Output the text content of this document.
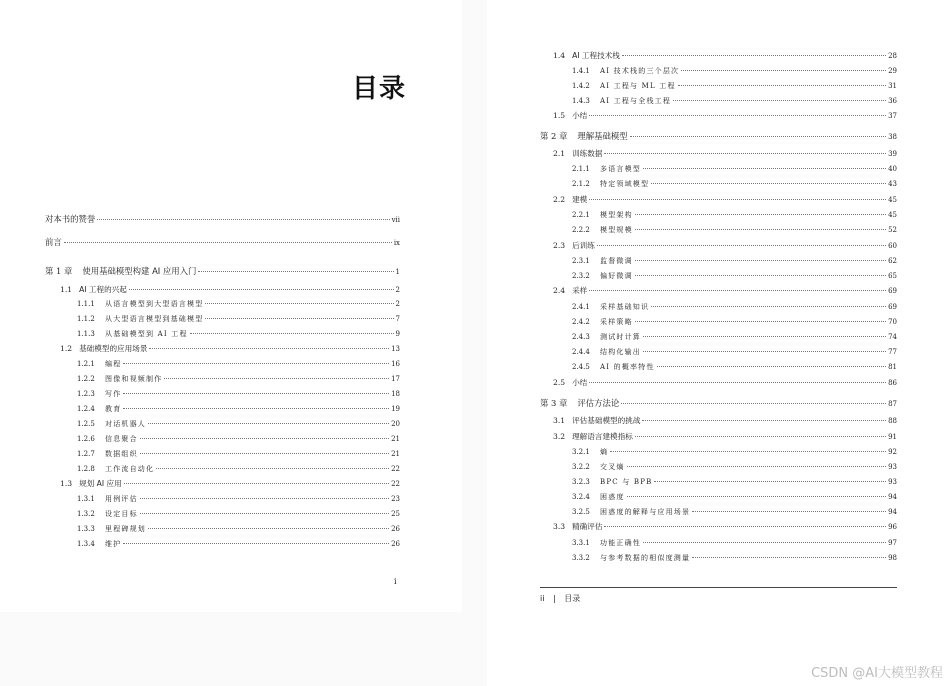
目录
对本书的赞誉	vii
前言	ix
第 1 章 使用基础模型构建 AI 应用入门	1
1.1 AI 工程的兴起	2
1.1.1	从语言模型到大型语言模型	2
1.1.2	从大型语言模型到基础模型	7
1.1.3	从基础模型到 AI 工程	9
1.2 基础模型的应用场景	13
1.2.1	编程	16
1.2.2	图像和视频制作	17
1.2.3	写作	18
1.2.4	教育	19
1.2.5	对话机器人	20
1.2.6	信息聚合	21
1.2.7	数据组织	21
1.2.8	工作流自动化	22
1.3 规划 AI 应用	22
1.3.1	用例评估	23
1.3.2	设定目标	25
1.3.3	里程碑规划	26
1.3.4	维护	26
1.4 AI 工程技术栈	28
1.4.1	AI 技术栈的三个层次	29
1.4.2	AI 工程与 ML 工程	31
1.4.3	AI 工程与全栈工程	36
1.5 小结	37
第 2 章 理解基础模型	38
2.1 训练数据	39
2.1.1	多语言模型	40
2.1.2	特定领域模型	43
2.2 建模	45
2.2.1	模型架构	45
2.2.2	模型规模	52
2.3 后训练	60
2.3.1	监督微调	62
2.3.2	偏好微调	65
2.4 采样	69
2.4.1	采样基础知识	69
2.4.2	采样策略	70
2.4.3	测试时计算	74
2.4.4	结构化输出	77
2.4.5	AI 的概率特性	81
2.5 小结	86
第 3 章 评估方法论	87
3.1 评估基础模型的挑战	88
3.2 理解语言建模指标	91
3.2.1	熵	92
3.2.2	交叉熵	93
3.2.3	BPC 与 BPB	93
3.2.4	困惑度	94
3.2.5	困惑度的解释与应用场景	94
3.3 精确评估	96
3.3.1	功能正确性	97
3.3.2	与参考数据的相似度测量	98
i
ii | 目录
CSDN @AI大模型教程
